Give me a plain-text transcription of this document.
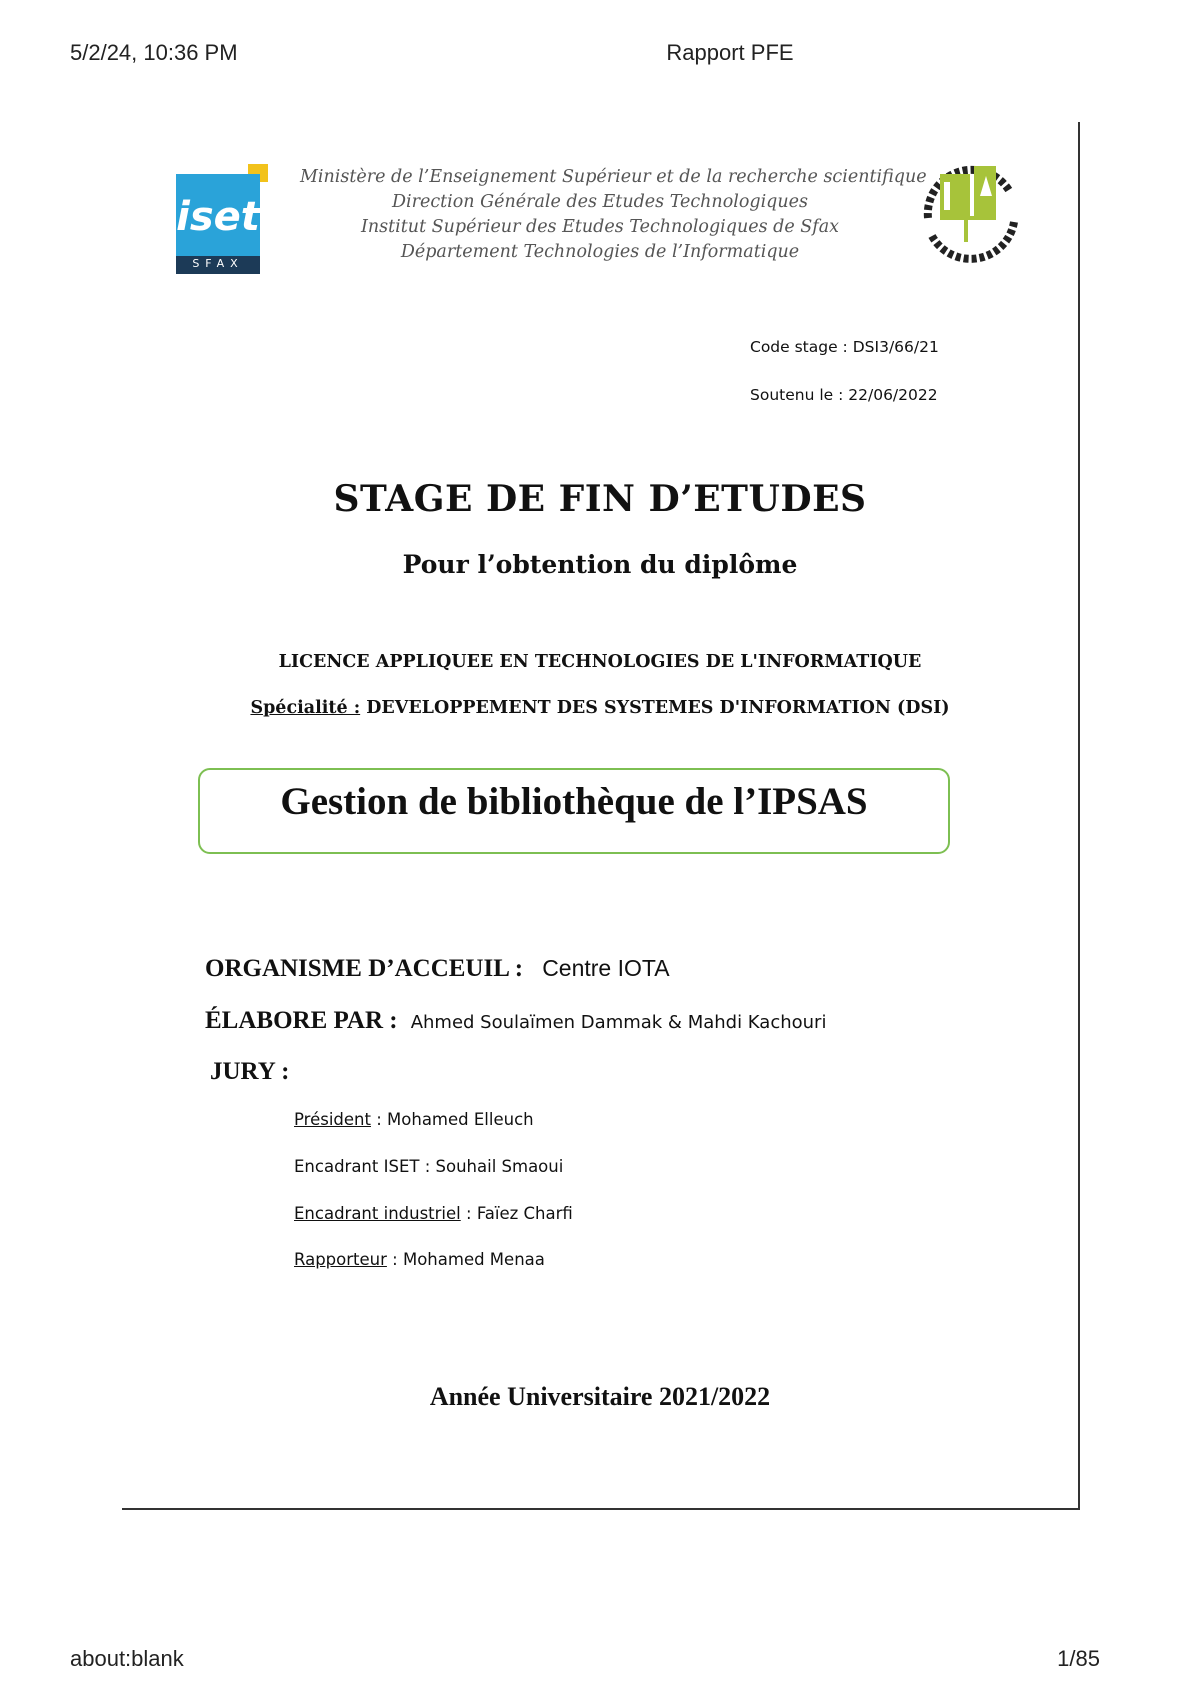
5/2/24, 10:36 PM	Rapport PFE
about:blank	1/85
iset
SFAX
Ministère de l’Enseignement Supérieur et de la recherche scientifique
Direction Générale des Etudes Technologiques
Institut Supérieur des Etudes Technologiques de Sfax
Département Technologies de l’Informatique
Code stage : DSI3/66/21
Soutenu le : 22/06/2022
STAGE DE FIN D’ETUDES
Pour l’obtention du diplôme
LICENCE APPLIQUEE EN TECHNOLOGIES DE L'INFORMATIQUE
Spécialité : DEVELOPPEMENT DES SYSTEMES D'INFORMATION (DSI)
Gestion de bibliothèque de l’IPSAS
ORGANISME D’ACCEUIL : Centre IOTA
ÉLABORE PAR : Ahmed Soulaïmen Dammak & Mahdi Kachouri
JURY :
Président : Mohamed Elleuch
Encadrant ISET : Souhail Smaoui
Encadrant industriel : Faïez Charfi
Rapporteur : Mohamed Menaa
Année Universitaire 2021/2022
